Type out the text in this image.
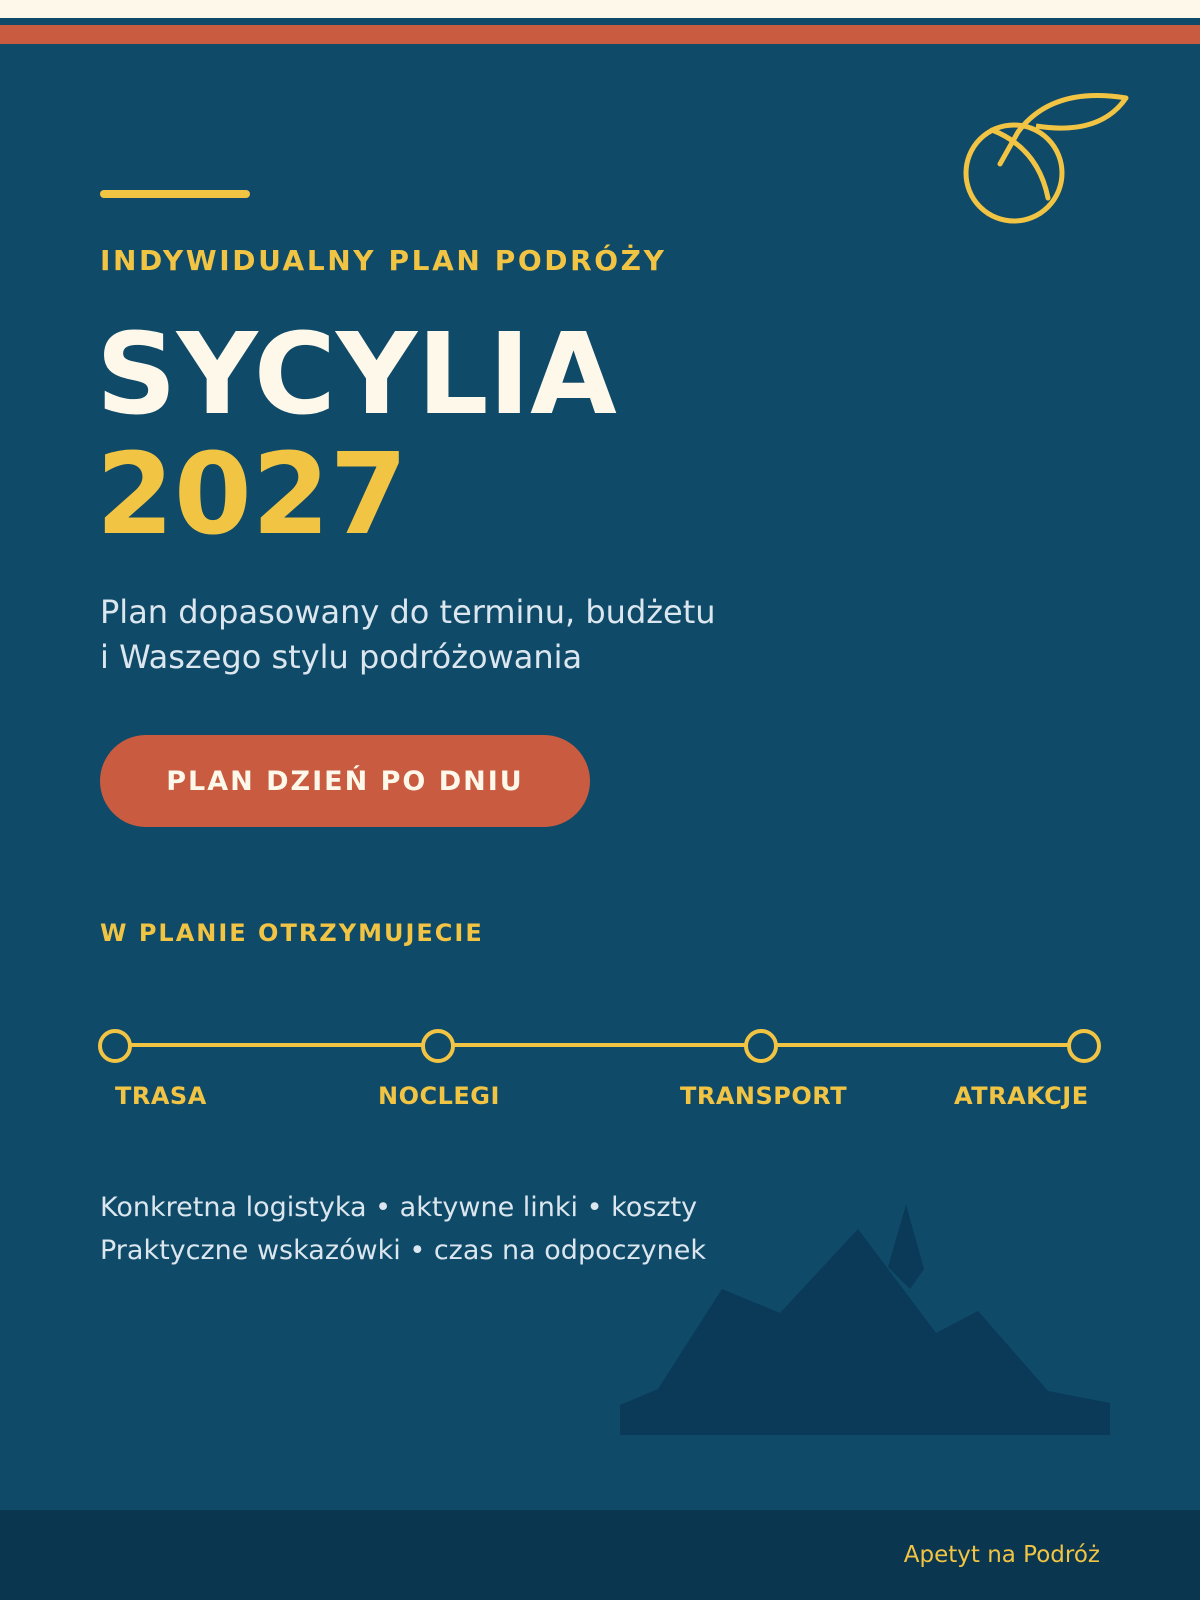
INDYWIDUALNY PLAN PODRÓŻY

SYCYLIA
2027

Plan dopasowany do terminu, budżetu
i Waszego stylu podróżowania

PLAN DZIEŃ PO DNIU

W PLANIE OTRZYMUJECIE

TRASA	NOCLEGI	TRANSPORT	ATRAKCJE

Konkretna logistyka • aktywne linki • koszty
Praktyczne wskazówki • czas na odpoczynek

Apetyt na Podróż
